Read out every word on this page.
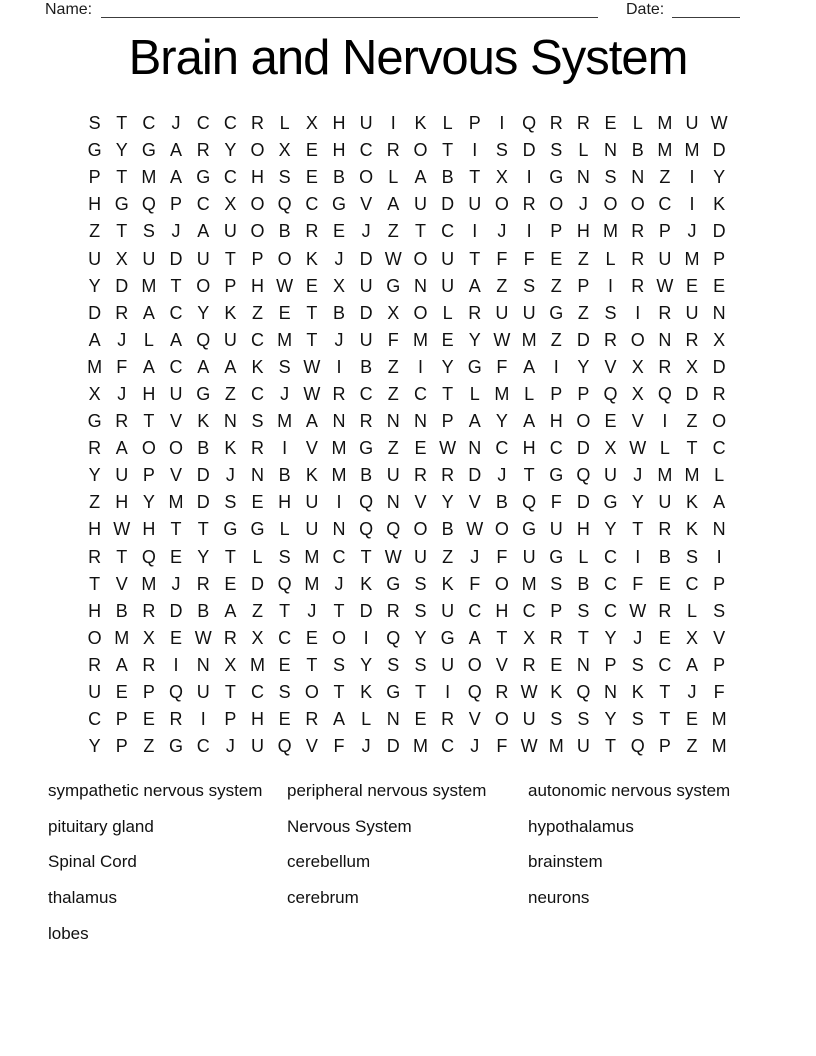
Name:	Date:
Brain and Nervous System
S T C J C C R L X H U	I	K L P	I Q R R E L M U W
G Y G A R Y O X E H C R O T	I	S D S L N B M M D
P T M A G C H S E B O L A B T X	I G N S N Z	I	Y
H G Q P C X O Q C G V A U D U O R O J O O C	I	K
Z T S J A U O B R E J Z T C	I	J	I	P H M R P J D
U X U D U T P O K J D W O U T F F E Z L R U M P
Y D M T O P H W E X U G N U A Z S Z P	I	R W E E
D R A C Y K Z E T B D X O L R U U G Z S	I	R U N
A J L A Q U C M T J U F M E Y W M Z D R O N R X
M F A C A A K S W I	B Z	I	Y G F A	I	Y V X R X D
X J H U G Z C J W R C Z C T L M L P P Q X Q D R
G R T V K N S M A N R N N P A Y A H O E V	I	Z O
R A O O B K R	I	V M G Z E W N C H C D X W L T C
Y U P V D J N B K M B U R R D J T G Q U J M M L
Z H Y M D S E H U	I Q N V Y V B Q F D G Y U K A
H W H T T G G L U N Q Q O B W O G U H Y T R K N
R T Q E Y T L S M C T W U Z J F U G L C	I	B S	I
T V M J R E D Q M J K G S K F O M S B C F E C P
H B R D B A Z T J T D R S U C H C P S C W R L S
O M X E W R X C E O I Q Y G A T X R T Y J E X V
R A R	I	N X M E T S Y S S U O V R E N P S C A P
U E P Q U T C S O T K G T	I Q R W K Q N K T J F
C P E R	I	P H E R A L N E R V O U S S Y S T E M
Y P Z G C J U Q V F J D M C J F W M U T Q P Z M
sympathetic nervous system
pituitary gland
Spinal Cord
thalamus
lobes
peripheral nervous system
Nervous System
cerebellum
cerebrum
autonomic nervous system
hypothalamus
brainstem
neurons
